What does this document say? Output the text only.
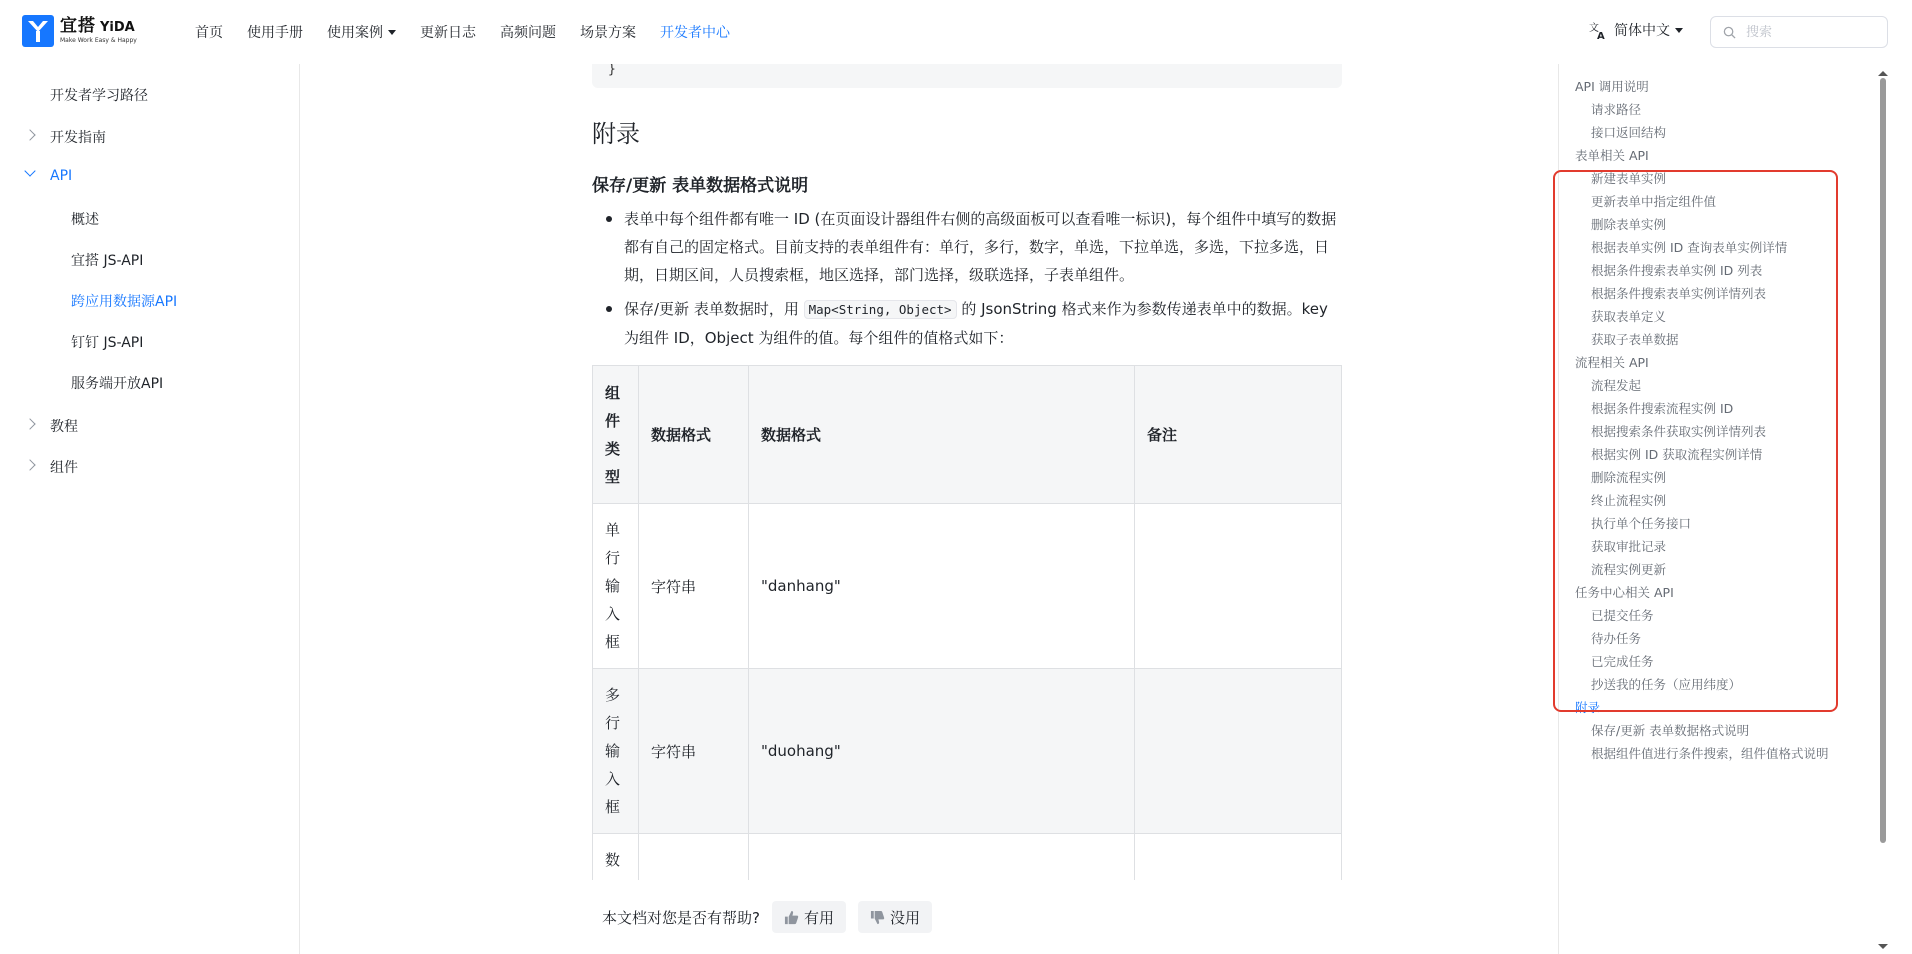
宜搭 YiDA
Make Work Easy & Happy	首页 使用手册 使用案例	更新日志 高频问题 场景方案 开发者中心	文
A 简体中文
搜索
开发者学习路径
开发指南
API
概述
宜搭 JS-API
跨应用数据源API
钉钉 JS-API
服务端开放API
教程
组件
}
附录
保存/更新 表单数据格式说明
表单中每个组件都有唯一 ID (在页面设计器组件右侧的高级面板可以查看唯一标识)，每个组件中填写的数据都有自己的固定格式。目前支持的表单组件有：单行，多行，数字，单选，下拉单选，多选，下拉多选，日期，日期区间，人员搜索框，地区选择，部门选择，级联选择，子表单组件。
保存/更新 表单数据时，用 Map<String, Object> 的 JsonString 格式来作为参数传递表单中的数据。key 为组件 ID，Object 为组件的值。每个组件的值格式如下：
组件类型	数据格式	数据格式	备注

单行输入框	字符串	"danhang"	

多行输入框	字符串	"duohang"	

数			

本文档对您是否有帮助?	有用	没用
API 调用说明
请求路径
接口返回结构
表单相关 API
新建表单实例
更新表单中指定组件值
删除表单实例
根据表单实例 ID 查询表单实例详情
根据条件搜索表单实例 ID 列表
根据条件搜索表单实例详情列表
获取表单定义
获取子表单数据
流程相关 API
流程发起
根据条件搜索流程实例 ID
根据搜索条件获取实例详情列表
根据实例 ID 获取流程实例详情
删除流程实例
终止流程实例
执行单个任务接口
获取审批记录
流程实例更新
任务中心相关 API
已提交任务
待办任务
已完成任务
抄送我的任务（应用纬度）
附录
保存/更新 表单数据格式说明
根据组件值进行条件搜索，组件值格式说明
